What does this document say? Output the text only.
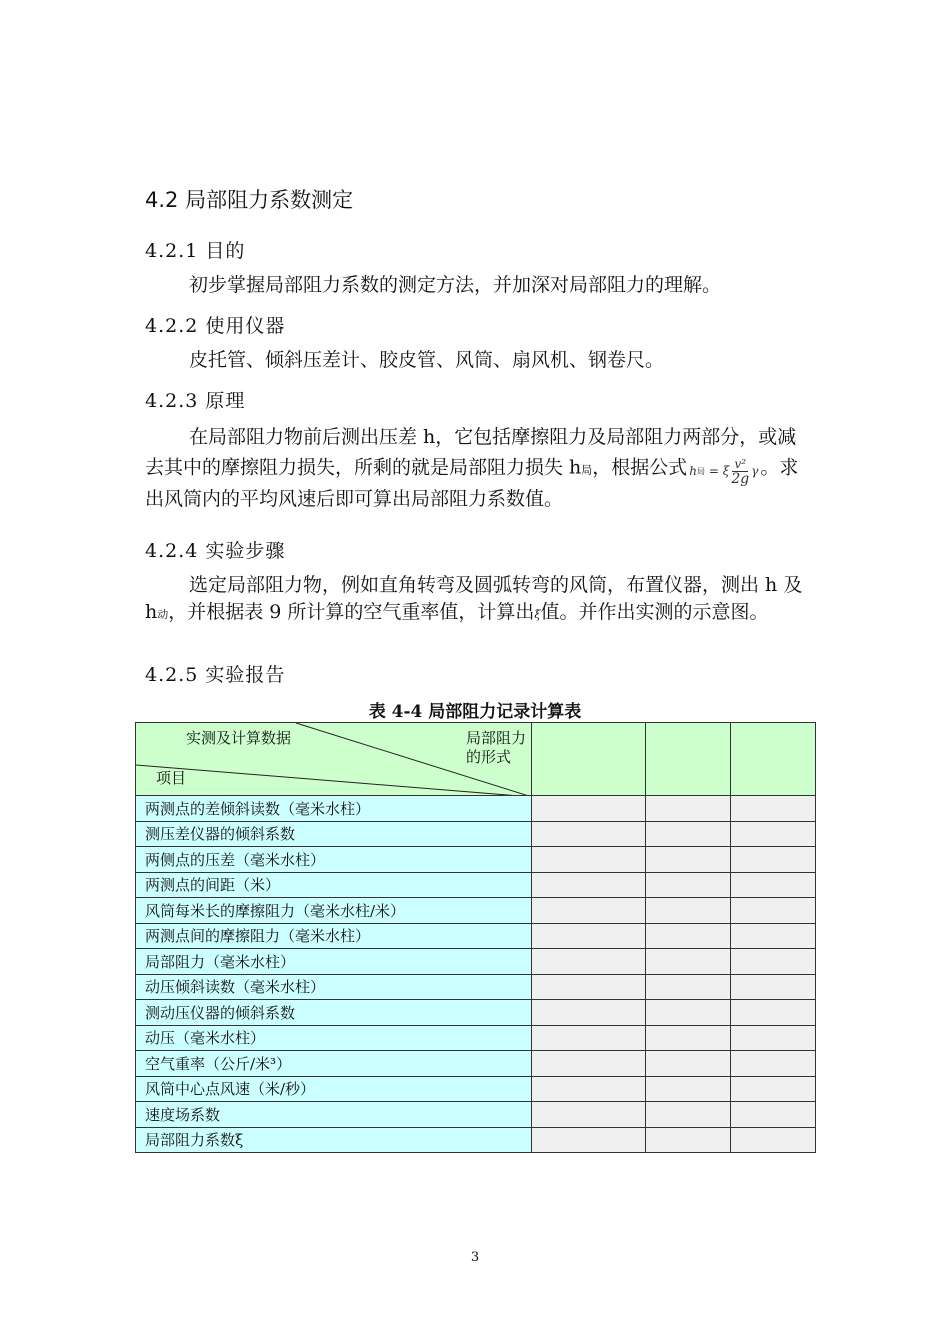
4.2 局部阻力系数测定
4.2.1 目的
初步掌握局部阻力系数的测定方法，并加深对局部阻力的理解。
4.2.2 使用仪器
皮托管、倾斜压差计、胶皮管、风筒、扇风机、钢卷尺。
4.2.3 原理
在局部阻力物前后测出压差 h，它包括摩擦阻力及局部阻力两部分，或减去其中的摩擦阻力损失，所剩的就是局部阻力损失 h局，根据公式 h 局
= ξ $\frac{\text{v²}}{2g}$ γ 。求出风筒内的平均风速后即可算出局部阻力系数值。
4.2.4 实验步骤
选定局部阻力物，例如直角转弯及圆弧转弯的风筒，布置仪器，测出 h 及 h动，并根据表 9 所计算的空气重率值，计算出ξ值。并作出实测的示意图。
4.2.5 实验报告
表 4-4 局部阻力记录计算表
实测及计算数据 局部阻力
的形式
项目			

两测点的差倾斜读数（毫米水柱）			
测压差仪器的倾斜系数			
两侧点的压差（毫米水柱）			
两测点的间距（米）			
风筒每米长的摩擦阻力（毫米水柱/米）			
两测点间的摩擦阻力（毫米水柱）			
局部阻力（毫米水柱）			
动压倾斜读数（毫米水柱）			
测动压仪器的倾斜系数			
动压（毫米水柱）			
空气重率（公斤/米³）			
风筒中心点风速（米/秒）			
速度场系数			
局部阻力系数ξ			
3
